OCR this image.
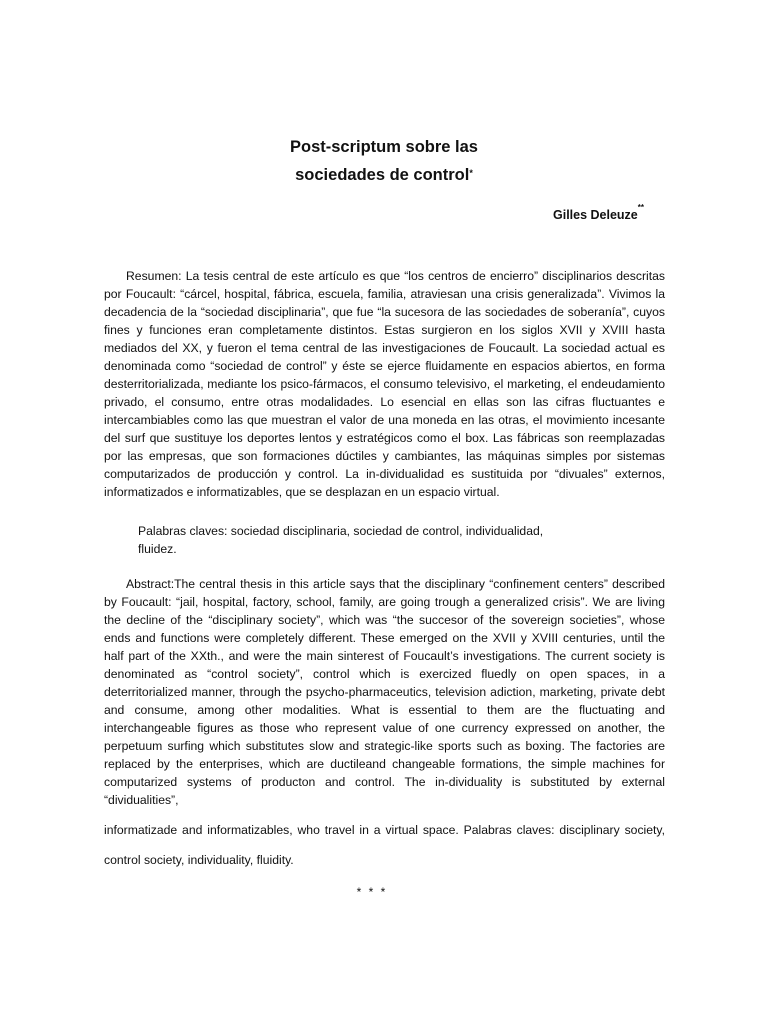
Post-scriptum sobre las
sociedades de control*
Gilles Deleuze**

Resumen: La tesis central de este artículo es que “los centros de encierro” disciplinarios descritas por Foucault: “cárcel, hospital, fábrica, escuela, familia, atraviesan una crisis generalizada”. Vivimos la decadencia de la “sociedad disciplinaria”, que fue “la sucesora de las sociedades de soberanía”, cuyos fines y funciones eran completamente distintos. Estas surgieron en los siglos XVII y XVIII hasta mediados del XX, y fueron el tema central de las investigaciones de Foucault. La sociedad actual es denominada como “sociedad de control” y éste se ejerce fluidamente en espacios abiertos, en forma desterritorializada, mediante los psico-fármacos, el consumo televisivo, el marketing, el endeudamiento privado, el consumo, entre otras modalidades. Lo esencial en ellas son las cifras fluctuantes e intercambiables como las que muestran el valor de una moneda en las otras, el movimiento incesante del surf que sustituye los deportes lentos y estratégicos como el box. Las fábricas son reemplazadas por las empresas, que son formaciones dúctiles y cambiantes, las máquinas simples por sistemas computarizados de producción y control. La in-dividualidad es sustituida por “divuales” externos, informatizados e informatizables, que se desplazan en un espacio virtual.

Palabras claves: sociedad disciplinaria, sociedad de control, individualidad,
fluidez.

Abstract:The central thesis in this article says that the disciplinary “confinement centers” described by Foucault: “jail, hospital, factory, school, family, are going trough a generalized crisis”. We are living the decline of the “disciplinary society”, which was “the succesor of the sovereign societies”, whose ends and functions were completely different. These emerged on the XVII y XVIII centuries, until the half part of the XXth., and were the main sinterest of Foucault’s investigations. The current society is denominated as “control society”, control which is exercized fluedly on open spaces, in a deterritorialized manner, through the psycho-pharmaceutics, television adiction, marketing, private debt and consume, among other modalities. What is essential to them are the fluctuating and interchangeable figures as those who represent value of one currency expressed on another, the perpetuum surfing which substitutes slow and strategic-like sports such as boxing. The factories are replaced by the enterprises, which are ductileand changeable formations, the simple machines for computarized systems of producton and control. The in-dividuality is substituted by external “dividualities”,

informatizade and informatizables, who travel in a virtual space. Palabras claves: disciplinary society, control society, individuality, fluidity.

* * *
